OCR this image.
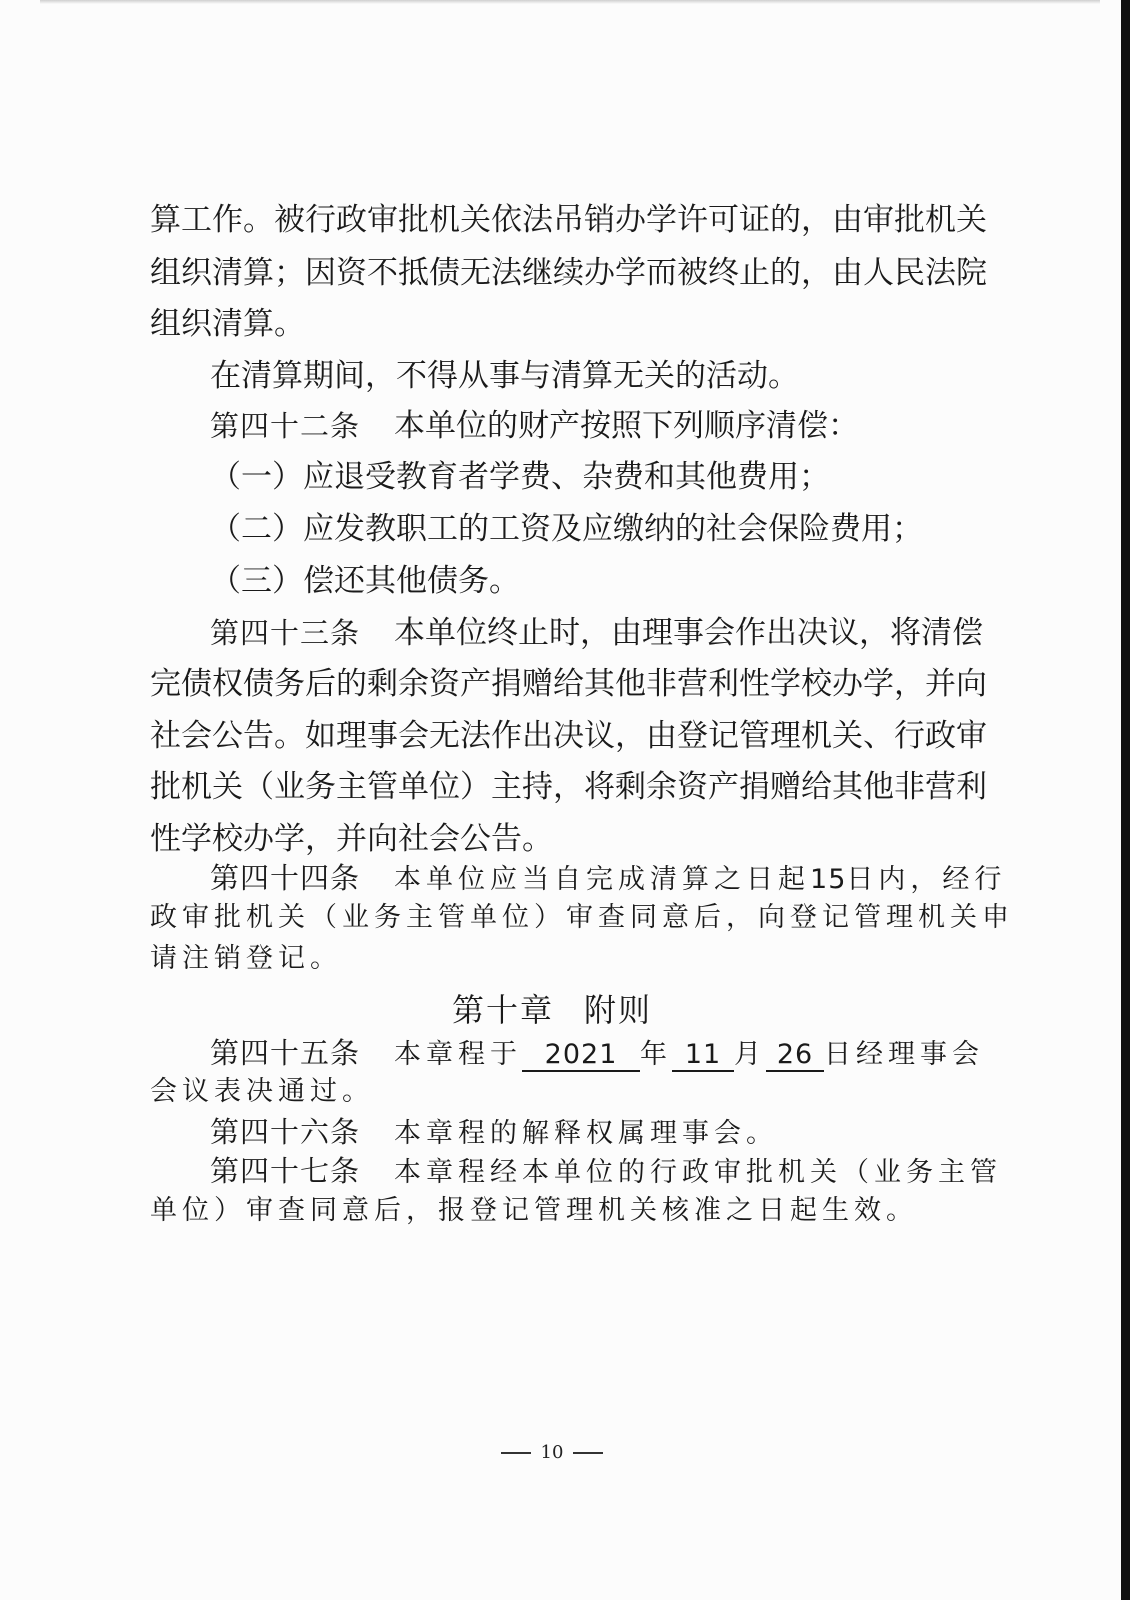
算工作。被行政审批机关依法吊销办学许可证的，由审批机关
组织清算；因资不抵债无法继续办学而被终止的，由人民法院
组织清算。
在清算期间，不得从事与清算无关的活动。
第四十二条 本单位的财产按照下列顺序清偿：
（一）应退受教育者学费、杂费和其他费用；
（二）应发教职工的工资及应缴纳的社会保险费用；
（三）偿还其他债务。
第四十三条 本单位终止时，由理事会作出决议，将清偿
完债权债务后的剩余资产捐赠给其他非营利性学校办学，并向
社会公告。如理事会无法作出决议，由登记管理机关、行政审
批机关（业务主管单位）主持，将剩余资产捐赠给其他非营利
性学校办学，并向社会公告。
第四十四条 本单位应当自完成清算之日起15日内，经行
政审批机关（业务主管单位）审查同意后，向登记管理机关申
请注销登记。
第十章 附则
第四十五条 本章程于 2021 年 11 月 26 日经理事会
会议表决通过。
第四十六条 本章程的解释权属理事会。
第四十七条 本章程经本单位的行政审批机关（业务主管
单位）审查同意后，报登记管理机关核准之日起生效。
10
